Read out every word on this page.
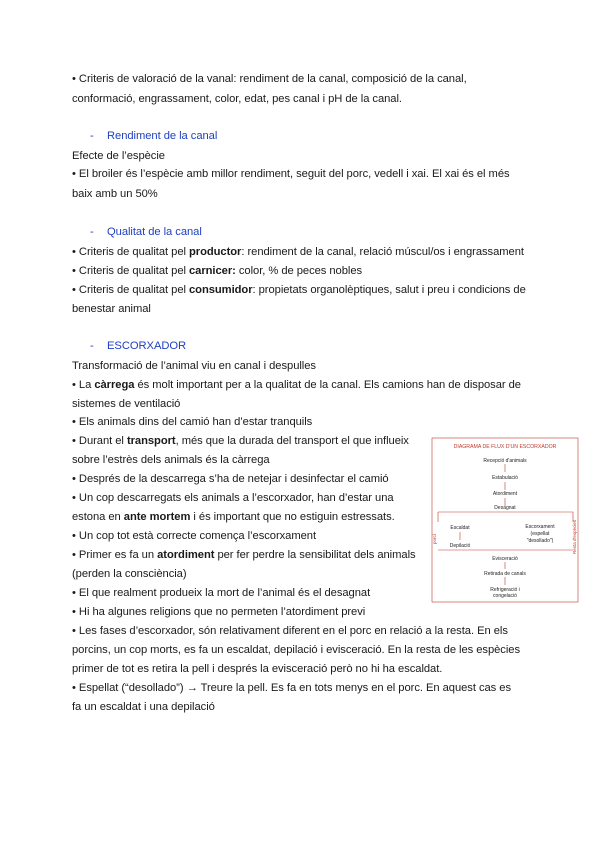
• Criteris de valoració de la vanal: rendiment de la canal, composició de la canal,
conformació, engrassament, color, edat, pes canal i pH de la canal.
- Rendiment de la canal
Efecte de l’espècie
• El broiler és l’espècie amb millor rendiment, seguit del porc, vedell i xai. El xai és el més
baix amb un 50%
- Qualitat de la canal
• Criteris de qualitat pel productor: rendiment de la canal, relació múscul/os i engrassament
• Criteris de qualitat pel carnicer: color, % de peces nobles
• Criteris de qualitat pel consumidor: propietats organolèptiques, salut i preu i condicions de
benestar animal
- ESCORXADOR
Transformació de l’animal viu en canal i despulles
• La càrrega és molt important per a la qualitat de la canal. Els camions han de disposar de
sistemes de ventilació
• Els animals dins del camió han d’estar tranquils
• Durant el transport, més que la durada del transport el que influeix
sobre l’estrès dels animals és la càrrega
• Després de la descarrega s’ha de netejar i desinfectar el camió
• Un cop descarregats els animals a l’escorxador, han d’estar una
estona en ante mortem i és important que no estiguin estressats.
• Un cop tot està correcte comença l’escorxament
• Primer es fa un atordiment per fer perdre la sensibilitat dels animals
(perden la consciència)
• El que realment produeix la mort de l’animal és el desagnat
• Hi ha algunes religions que no permeten l’atordiment previ
• Les fases d’escorxador, són relativament diferent en el porc en relació a la resta. En els
porcins, un cop morts, es fa un escaldat, depilació i evisceració. En la resta de les espècies
primer de tot es retira la pell i després la evisceració però no hi ha escaldat.
• Espellat (“desollado”) → Treure la pell. Es fa en tots menys en el porc. En aquest cas es
fa un escaldat i una depilació
DIAGRAMA DE FLUX D'UN ESCORXADOR
Recepció d'animals
Estabulació
Atordiment
Desagnat
Escaldat
Depilació
Escorxament
(espellat
"desollado")
Evisceració
Retirada de canals
Refrigeració i
congelació
porcí	Resta d'espècies
